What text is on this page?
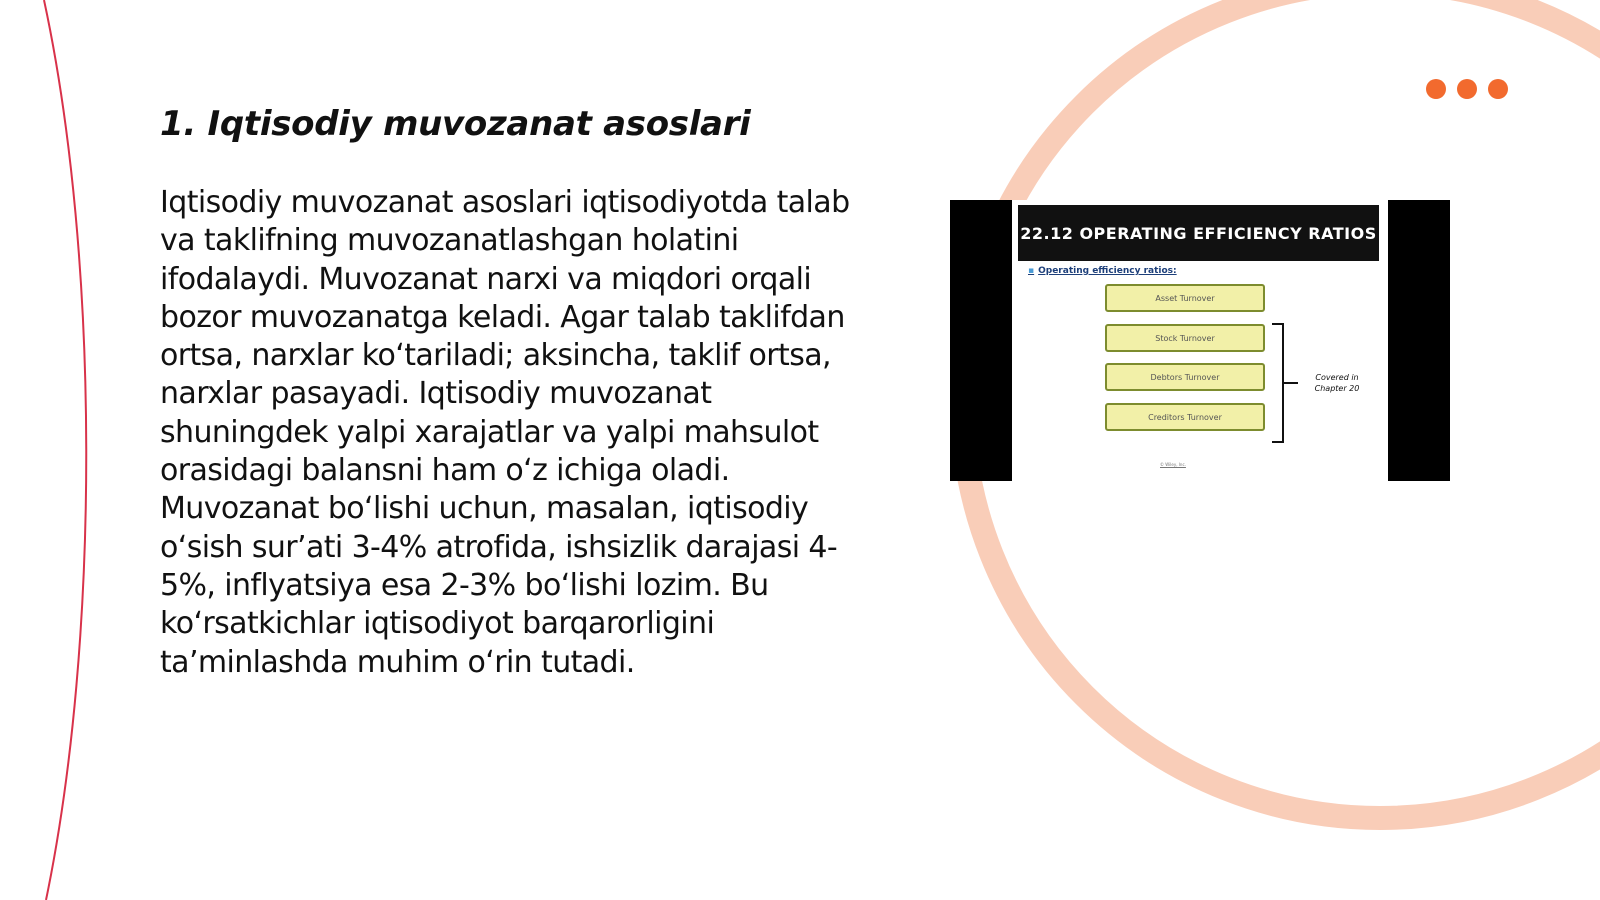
1. Iqtisodiy muvozanat asoslari

Iqtisodiy muvozanat asoslari iqtisodiyotda talab va taklifning muvozanatlashgan holatini ifodalaydi. Muvozanat narxi va miqdori orqali bozor muvozanatga keladi. Agar talab taklifdan ortsa, narxlar koʻtariladi; aksincha, taklif ortsa, narxlar pasayadi. Iqtisodiy muvozanat shuningdek yalpi xarajatlar va yalpi mahsulot orasidagi balansni ham oʻz ichiga oladi. Muvozanat boʻlishi uchun, masalan, iqtisodiy oʻsish surʼati 3-4% atrofida, ishsizlik darajasi 4-5%, inflyatsiya esa 2-3% boʻlishi lozim. Bu koʻrsatkichlar iqtisodiyot barqarorligini taʼminlashda muhim oʻrin tutadi.

22.12 OPERATING EFFICIENCY RATIOS
▪ Operating efficiency ratios:
Asset Turnover
Stock Turnover
Debtors Turnover
Creditors Turnover
Covered in Chapter 20
© Wiley, Inc.
